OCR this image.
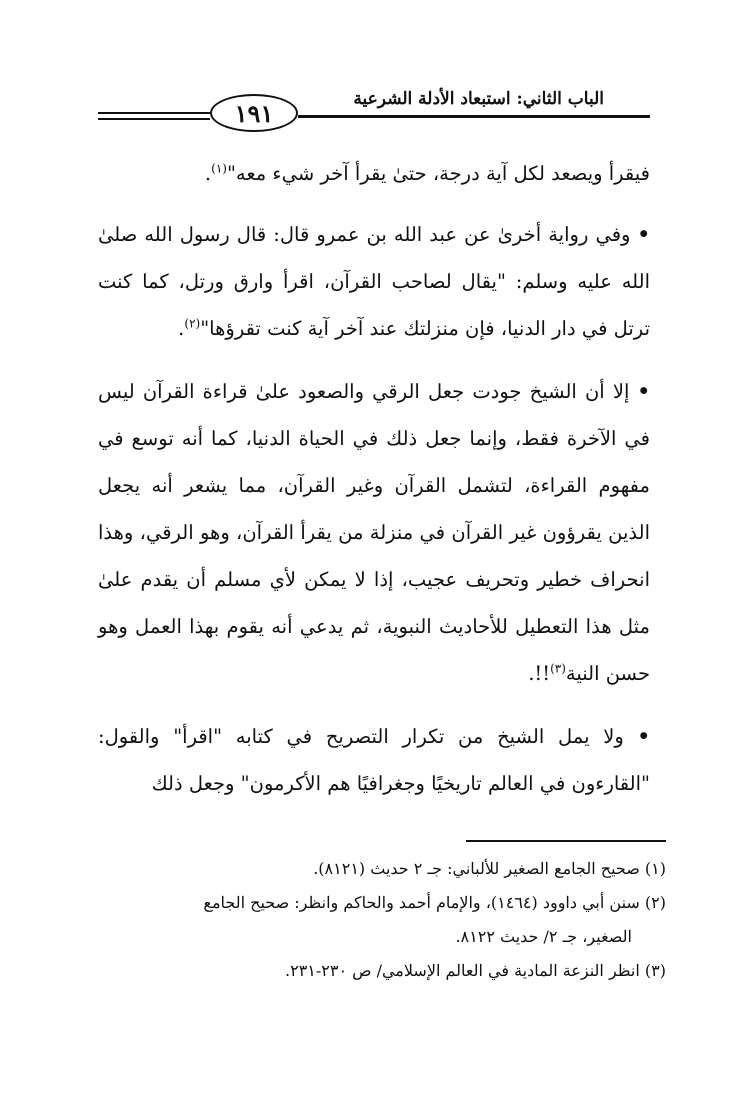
١٩١	الباب الثاني: استبعاد الأدلة الشرعية

فيقرأ ويصعد لكل آية درجة، حتىٰ يقرأ آخر شيء معه"$^{(١)}$.

• وفي رواية أخرىٰ عن عبد الله بن عمرو قال: قال رسول الله صلىٰ الله عليه وسلم: "يقال لصاحب القرآن، اقرأ وارق ورتل، كما كنت ترتل في دار الدنيا، فإن منزلتك عند آخر آية كنت تقرؤها"$^{(٢)}$.

• إلا أن الشيخ جودت جعل الرقي والصعود علىٰ قراءة القرآن ليس في الآخرة فقط، وإنما جعل ذلك في الحياة الدنيا، كما أنه توسع في مفهوم القراءة، لتشمل القرآن وغير القرآن، مما يشعر أنه يجعل الذين يقرؤون غير القرآن في منزلة من يقرأ القرآن، وهو الرقي، وهذا انحراف خطير وتحريف عجيب، إذا لا يمكن لأي مسلم أن يقدم علىٰ مثل هذا التعطيل للأحاديث النبوية، ثم يدعي أنه يقوم بهذا العمل وهو حسن النية$^{(٣)}$!!.

• ولا يمل الشيخ من تكرار التصريح في كتابه "اقرأ" والقول: "القارءون في العالم تاريخيًا وجغرافيًا هم الأكرمون" وجعل ذلك

(١) صحيح الجامع الصغير للألباني: جـ ٢ حديث (٨١٢١).

(٢) سنن أبي داوود (١٤٦٤)، والإمام أحمد والحاكم وانظر: صحيح الجامع
الصغير، جـ ٢/ حديث ٨١٢٢.

(٣) انظر النزعة المادية في العالم الإسلامي/ ص ٢٣٠-٢٣١.
